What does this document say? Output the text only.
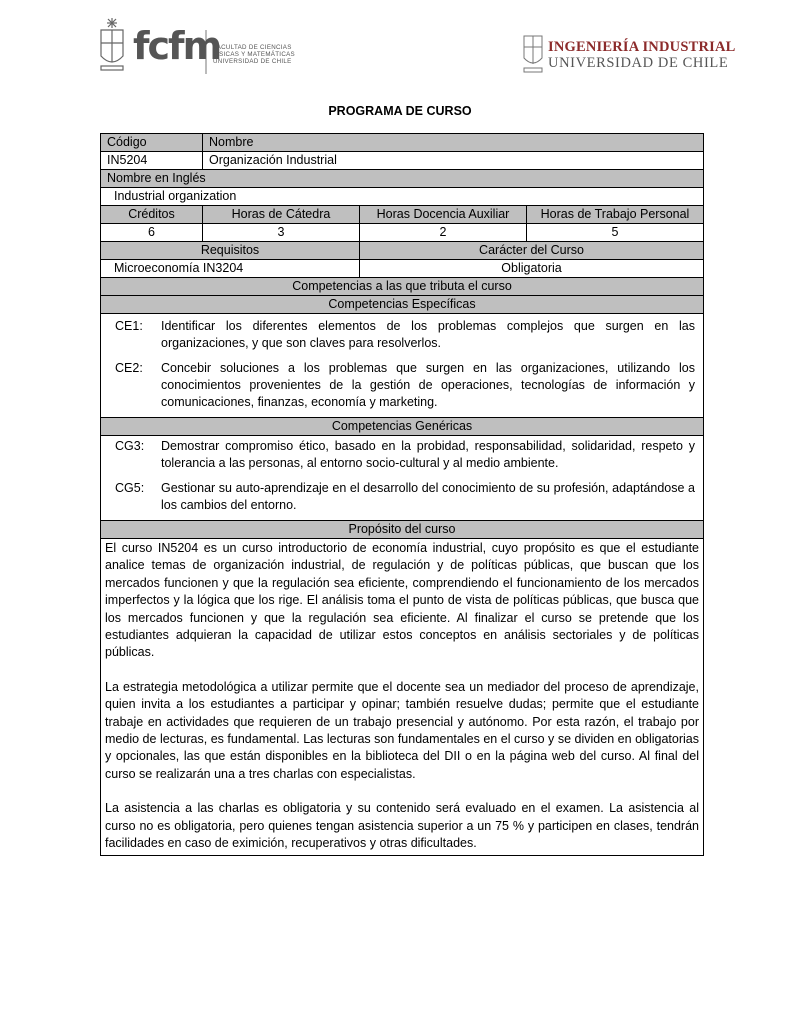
fcfm
FACULTAD DE CIENCIAS
FÍSICAS Y MATEMÁTICAS
UNIVERSIDAD DE CHILE
INGENIERÍA INDUSTRIAL
UNIVERSIDAD DE CHILE
PROGRAMA DE CURSO
Código	Nombre
IN5204	Organización Industrial
Nombre en Inglés
Industrial organization
Créditos	Horas de Cátedra	Horas Docencia Auxiliar	Horas de Trabajo Personal
6	3	2	5
Requisitos	Carácter del Curso
Microeconomía IN3204	Obligatoria
Competencias a las que tributa el curso
Competencias Específicas
CE1:	Identificar los diferentes elementos de los problemas complejos que surgen en las organizaciones, y que son claves para resolverlos.
CE2:	Concebir soluciones a los problemas que surgen en las organizaciones, utilizando los conocimientos provenientes de la gestión de operaciones, tecnologías de información y comunicaciones, finanzas, economía y marketing.
Competencias Genéricas
CG3:	Demostrar compromiso ético, basado en la probidad, responsabilidad, solidaridad, respeto y tolerancia a las personas, al entorno socio-cultural y al medio ambiente.
CG5:	Gestionar su auto-aprendizaje en el desarrollo del conocimiento de su profesión, adaptándose a los cambios del entorno.
Propósito del curso

El curso IN5204 es un curso introductorio de economía industrial, cuyo propósito es que el estudiante analice temas de organización industrial, de regulación y de políticas públicas, que buscan que los mercados funcionen y que la regulación sea eficiente, comprendiendo el funcionamiento de los mercados imperfectos y la lógica que los rige. El análisis toma el punto de vista de políticas públicas, que busca que los mercados funcionen y que la regulación sea eficiente. Al finalizar el curso se pretende que los estudiantes adquieran la capacidad de utilizar estos conceptos en análisis sectoriales y de políticas públicas.

La estrategia metodológica a utilizar permite que el docente sea un mediador del proceso de aprendizaje, quien invita a los estudiantes a participar y opinar; también resuelve dudas; permite que el estudiante trabaje en actividades que requieren de un trabajo presencial y autónomo. Por esta razón, el trabajo por medio de lecturas, es fundamental. Las lecturas son fundamentales en el curso y se dividen en obligatorias y opcionales, las que están disponibles en la biblioteca del DII o en la página web del curso. Al final del curso se realizarán una a tres charlas con especialistas.

La asistencia a las charlas es obligatoria y su contenido será evaluado en el examen. La asistencia al curso no es obligatoria, pero quienes tengan asistencia superior a un 75 % y participen en clases, tendrán facilidades en caso de eximición, recuperativos y otras dificultades.
